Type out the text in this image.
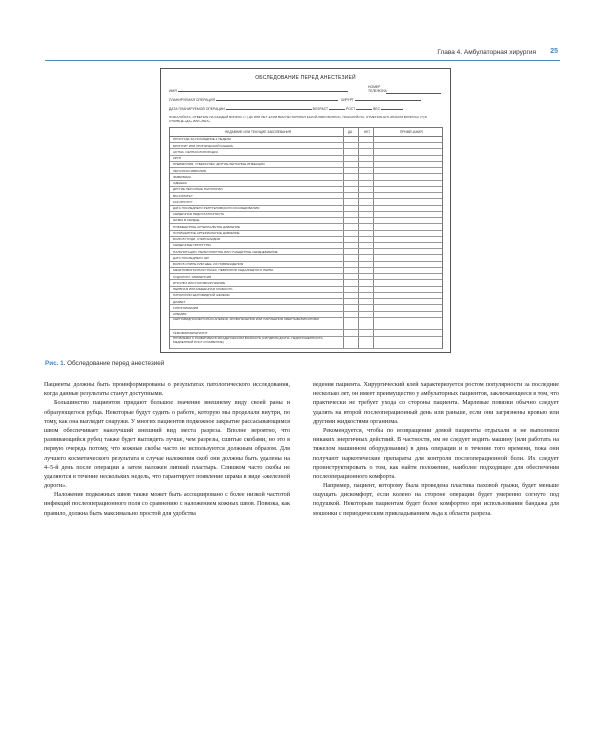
Глава 4. Амбулаторная хирургия 25
ОБСЛЕДОВАНИЕ ПЕРЕД АНЕСТЕЗИЕЙ
ИМЯ
НОМЕР
ТЕЛЕФОНА
ПЛАНИРУЕМАЯ ОПЕРАЦИЯ	ХИРУРГ
ДАТА ПЛАНИРУЕМОЙ ОПЕРАЦИИ	ВОЗРАСТ	РОСТ	ВЕС
ПОЖАЛУЙСТА, ОТВЕТЬТЕ НА КАЖДЫЙ ВОПРОС (✓) ДА ИЛИ НЕТ. ЕСЛИ ВАМ НЕ ПОНЯТЕН КАКОЙ-ЛИБО ВОПРОС, ПОЖАЛУЙСТА, ОТМЕТЬТЕ ЕГО ЗНАКОМ ВОПРОСА (?) В СТОЛБЦЕ «ДА» ИЛИ «НЕТ».
НЕДАВНИЕ ИЛИ ТЕКУЩИЕ ЗАБОЛЕВАНИЯ	ДА	НЕТ	ПРИМЕЧАНИЯ
ПРОСТУДА ЗА ПОСЛЕДНИЕ 2 НЕДЕЛИ
БРОНХИТ ИЛИ ХРОНИЧЕСКИЙ КАШЕЛЬ
АСТМА, СЕННАЯ ЛИХОРАДКА
КРУП
ПНЕВМОНИЯ, ТУБЕРКУЛЁЗ, ДРУГИЕ ЛЁГОЧНЫЕ ИНФЕКЦИИ
ЛЁГОЧНАЯ ЭМБОЛИЯ
ЭМФИЗЕМА
ОДЫШКА
ДРУГИЕ ЛЁГОЧНЫЕ ПАТОЛОГИИ
ВЫ КУРИТЕ?
КАК МНОГО?
ДАТА ПОСЛЕДНЕГО РЕНТГЕНОВСКОГО ИССЛЕДОВАНИЯ
СЕРДЕЧНАЯ НЕДОСТАТОЧНОСТЬ
ШУМЫ В СЕРДЦЕ
ПОВЫШЕННОЕ АРТЕРИАЛЬНОЕ ДАВЛЕНИЕ
ПОНИЖЕННОЕ АРТЕРИАЛЬНОЕ ДАВЛЕНИЕ
БОЛИ В ГРУДИ, СТЕНОКАРДИЯ
СЕРДЕЧНЫЕ ПРИСТУПЫ
ПАЛЬПИТАЦИИ, НЕРЕГУЛЯРНОЕ ИЛИ УЧАЩЁННОЕ СЕРДЦЕБИЕНИЕ
ДАТА ПОСЛЕДНЕГО ЭКГ
БОЛИ В СПИНЕ ИЛИ ШЕЕ, ИХ ПОВРЕЖДЕНИЯ
МЕЖПОЗВОНОЧНАЯ ГРЫЖА, НЕВРАЛГИЯ СЕДАЛИЩНОГО НЕРВА
СУДОРОГИ, ЭПИЛЕПСИЯ
ИНСУЛЬТ ИЛИ ГОЛОВОКРУЖЕНИЕ
НЕРВНАЯ ИЛИ МЫШЕЧНАЯ СЛАБОСТЬ
ПАТОЛОГИИ ЩИТОВИДНОЙ ЖЕЛЕЗЫ
ДИАБЕТ
ГИПОГЛИКЕМИЯ
АНЕМИЯ
СЕРПОВИДНОКЛЕТОЧНАЯ АНЕМИЯ, КРОВОТЕЧЕНИЯ ИЛИ НАРУШЕНИЯ СВЁРТЫВАНИЯ КРОВИ
ГЕМОФИЛИЯ/ГЕПАТИТ
ПРОБЛЕМЫ С РАЗВИТИЕМ В МЛАДЕНЧЕСКОМ ВОЗРАСТЕ (СИНДРОМ ДАУНА, НЕДОНОШЕННОСТЬ, МЕДЛЕННЫЙ РОСТ И РАЗВИТИЕ)
Рис. 1. Обследование перед анестезией

Пациенты должны быть проинформированы о результатах патологического исследования, когда данные результаты станут доступными.

Большинство пациентов придают большое значение внешнему виду своей раны и образующегося рубца. Некоторые будут судить о работе, которую мы проделали внутри, по тому, как она выглядит снаружи. У многих пациентов подкожное закрытие рассасывающимся швом обеспечивает наилучший внешний вид места разреза. Вполне вероятно, что развивающийся рубец также будет выглядеть лучше, чем разрезы, сшитые скобами, но это в первую очередь потому, что кожные скобы часто не используются должным образом. Для лучшего косметического результата в случае наложения скоб они должны быть удалены на 4–5-й день после операции а затем наложен липкий пластырь. Слишком часто скобы не удаляются в течение нескольких недель, что гарантирует появление шрама в виде «железной дороги».

Наложение подкожных швов также может быть ассоциировано с более низкой частотой инфекций послеоперационного поля со сравнению с наложением кожных швов. Повязка, как правило, должна быть максимально простой для удобства

ведения пациента. Хирургический клей характеризуется ростом популярности за последние несколько лет, он имеет преимущество у амбулаторных пациентов, заключающееся в том, что практически не требует ухода со стороны пациента. Марлевые повязки обычно следует удалять на второй послеоперационный день или раньше, если они загрязнены кровью или другими жидкостями организма.

Рекомендуется, чтобы по возвращении домой пациенты отдыхали и не выполняли никаких энергичных действий. В частности, им не следует водить машину (или работать на тяжелом машинном оборудовании) в день операции и в течение того времени, пока они получают наркотические препараты для контроля послеоперационной боли. Их следует проинструктировать о том, как найти положение, наиболее подходящее для обеспечения послеоперационного комфорта.

Например, пациент, которому была проведена пластика паховой грыжи, будет меньше ощущать дискомфорт, если колено на стороне операции будет умеренно согнуто под подушкой. Некоторым пациентам будет более комфортно при использовании бандажа для мошонки с периодическим прикладыванием льда к области разреза.
